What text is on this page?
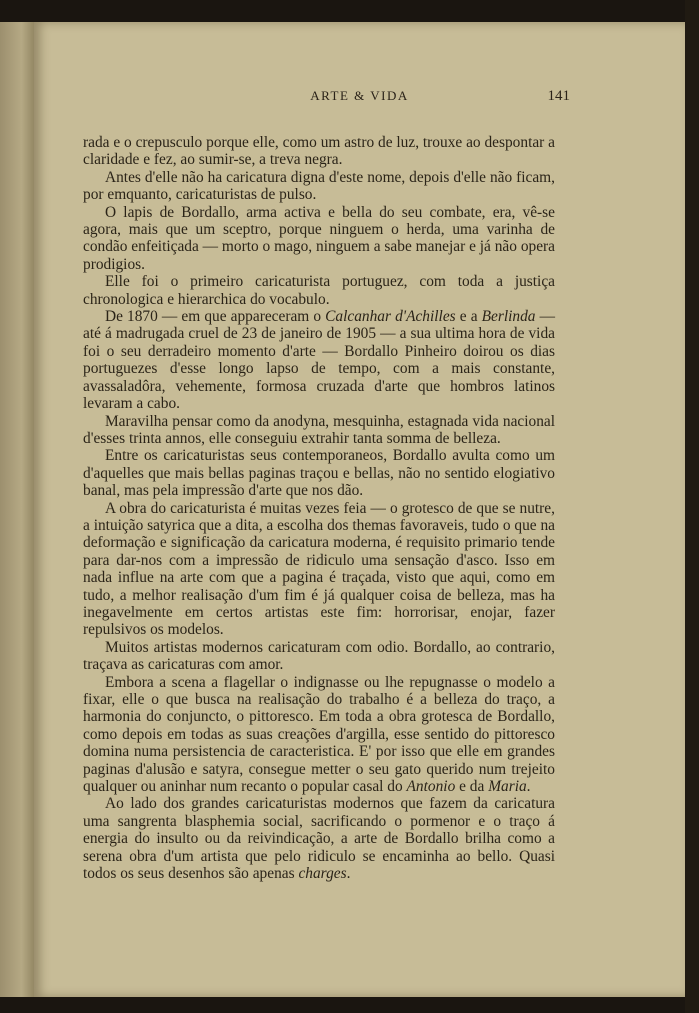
ARTE & VIDA	141

rada e o crepusculo porque elle, como um astro de luz, trouxe ao despontar a claridade e fez, ao sumir-se, a treva negra.

Antes d'elle não ha caricatura digna d'este nome, depois d'elle não ficam, por emquanto, caricaturistas de pulso.

O lapis de Bordallo, arma activa e bella do seu combate, era, vê-se agora, mais que um sceptro, porque ninguem o herda, uma varinha de condão enfeitiçada — morto o mago, ninguem a sabe manejar e já não opera prodigios.

Elle foi o primeiro caricaturista portuguez, com toda a justiça chronologica e hierarchica do vocabulo.

De 1870 — em que appareceram o Calcanhar d'Achilles e a Berlinda — até á madrugada cruel de 23 de janeiro de 1905 — a sua ultima hora de vida foi o seu derradeiro momento d'arte — Bordallo Pinheiro doirou os dias portuguezes d'esse longo lapso de tempo, com a mais constante, avassaladôra, vehemente, formosa cruzada d'arte que hombros latinos levaram a cabo.

Maravilha pensar como da anodyna, mesquinha, estagnada vida nacional d'esses trinta annos, elle conseguiu extrahir tanta somma de belleza.

Entre os caricaturistas seus contemporaneos, Bordallo avulta como um d'aquelles que mais bellas paginas traçou e bellas, não no sentido elogiativo banal, mas pela impressão d'arte que nos dão.

A obra do caricaturista é muitas vezes feia — o grotesco de que se nutre, a intuição satyrica que a dita, a escolha dos themas favoraveis, tudo o que na deformação e significação da caricatura moderna, é requisito primario tende para dar-nos com a impressão de ridiculo uma sensação d'asco. Isso em nada influe na arte com que a pagina é traçada, visto que aqui, como em tudo, a melhor realisação d'um fim é já qualquer coisa de belleza, mas ha inegavelmente em certos artistas este fim: horrorisar, enojar, fazer repulsivos os modelos.

Muitos artistas modernos caricaturam com odio. Bordallo, ao contrario, traçava as caricaturas com amor.

Embora a scena a flagellar o indignasse ou lhe repugnasse o modelo a fixar, elle o que busca na realisação do trabalho é a belleza do traço, a harmonia do conjuncto, o pittoresco. Em toda a obra grotesca de Bordallo, como depois em todas as suas creações d'argilla, esse sentido do pittoresco domina numa persistencia de caracteristica. E' por isso que elle em grandes paginas d'alusão e satyra, consegue metter o seu gato querido num trejeito qualquer ou aninhar num recanto o popular casal do Antonio e da Maria.

Ao lado dos grandes caricaturistas modernos que fazem da caricatura uma sangrenta blasphemia social, sacrificando o pormenor e o traço á energia do insulto ou da reivindicação, a arte de Bordallo brilha como a serena obra d'um artista que pelo ridiculo se encaminha ao bello. Quasi todos os seus desenhos são apenas charges.
